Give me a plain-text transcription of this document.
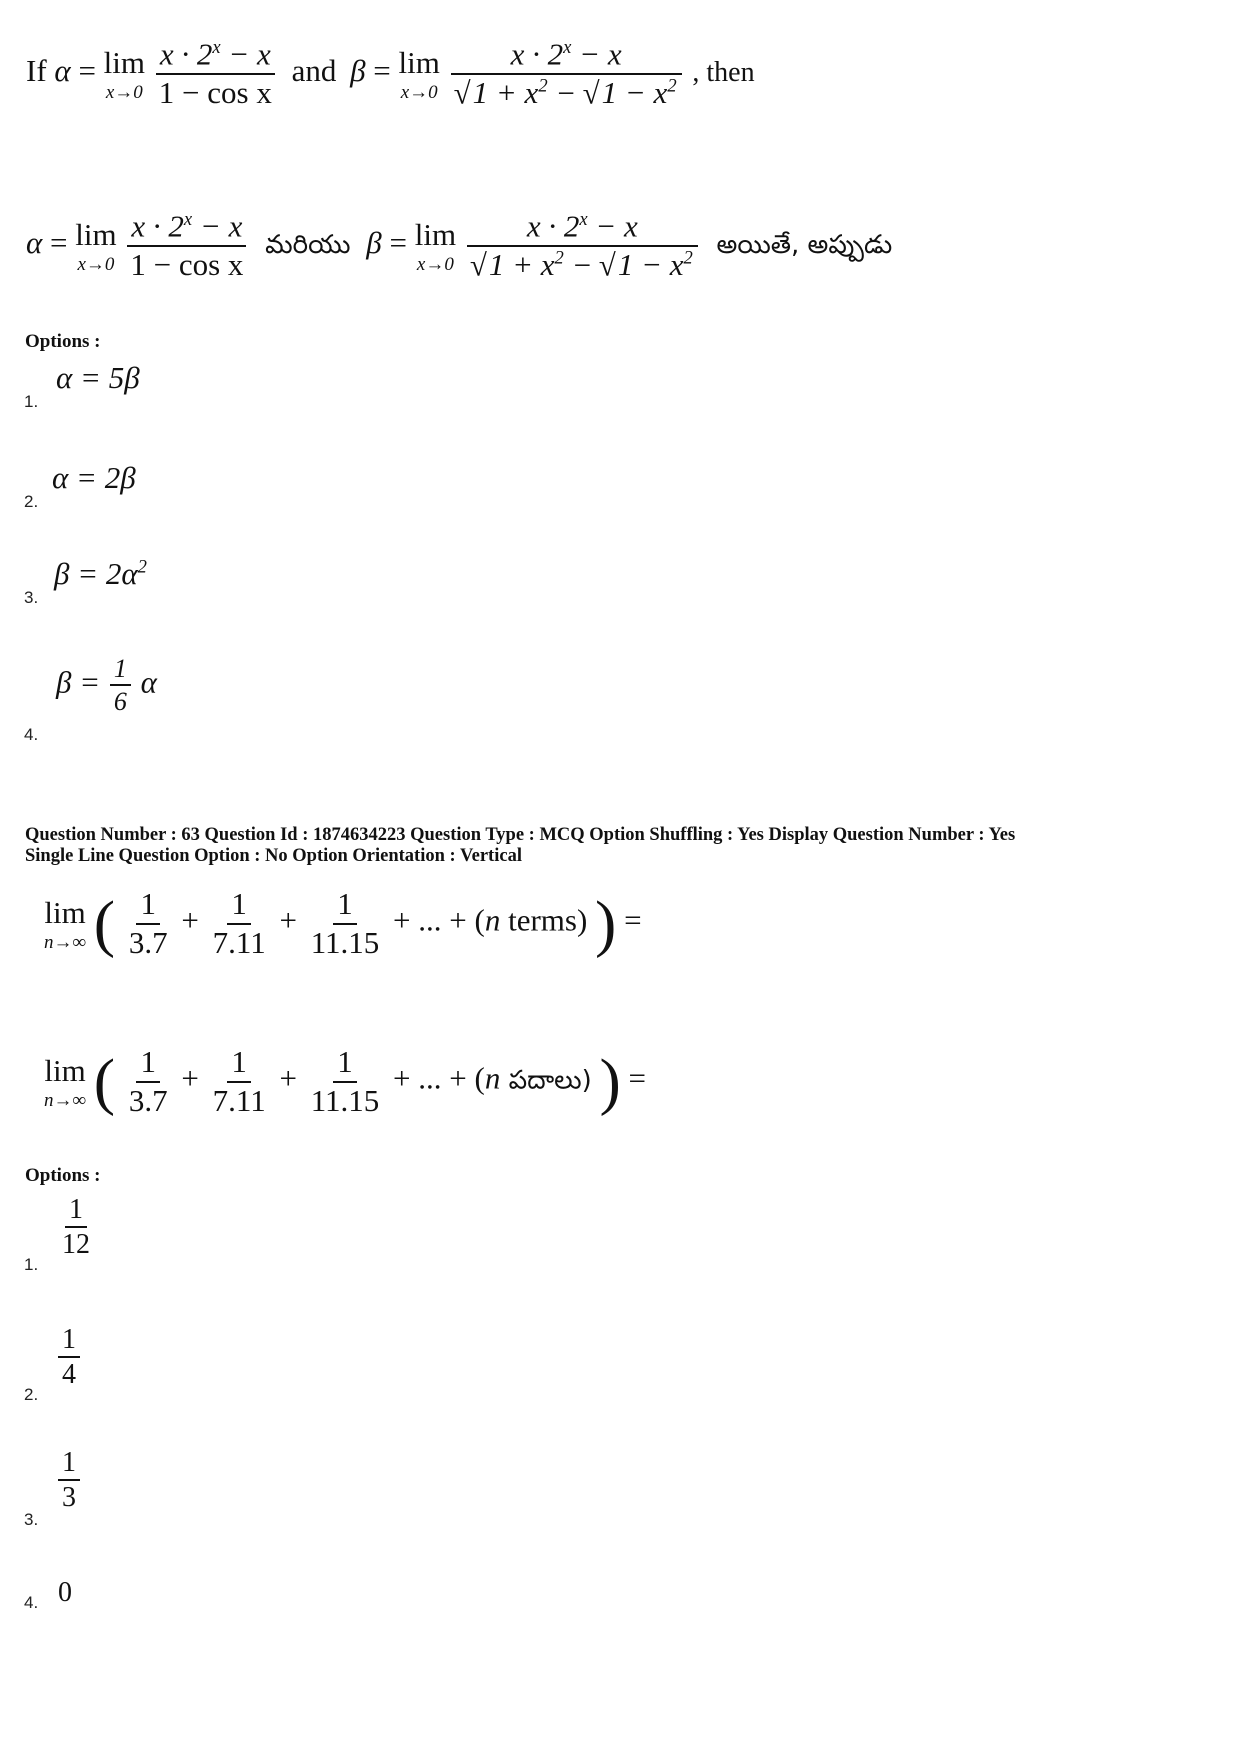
If α = lim
x→0
$\frac{x \cdot 2^x - x}{\text{1 − cos x}}$ and β = lim
x→0
$\frac{x \cdot 2^x - x}{√1 + x^2 - √1 - x^2}$ , then
α = lim
x→0
$\frac{x \cdot 2^x - x}{\text{1 − cos x}}$ మరియు β = lim
x→0
$\frac{x \cdot 2^x - x}{√1 + x^2 - √1 - x^2}$ అయితే, అప్పుడు
Options :
1.
α = 5β
2.
α = 2β
3.
$\beta = 2\alpha^2$
4.
$\beta = \frac{1}{6}$ α
Question Number : 63 Question Id : 1874634223 Question Type : MCQ Option Shuffling : Yes Display Question Number : Yes
Single Line Question Option : No Option Orientation : Vertical
lim
n→∞ ( $\frac{1}{3.7} + \frac{1}{7.11} + \frac{1}{11.15}$ + ... + (n terms) ) =
lim
n→∞ ( $\frac{1}{3.7} + \frac{1}{7.11} + \frac{1}{11.15}$ + ... + (n పదాలు) ) =
Options :
1.
$\frac{1}{12}$
2.
$\frac{1}{4}$
3.
$\frac{1}{3}$
4. 0
